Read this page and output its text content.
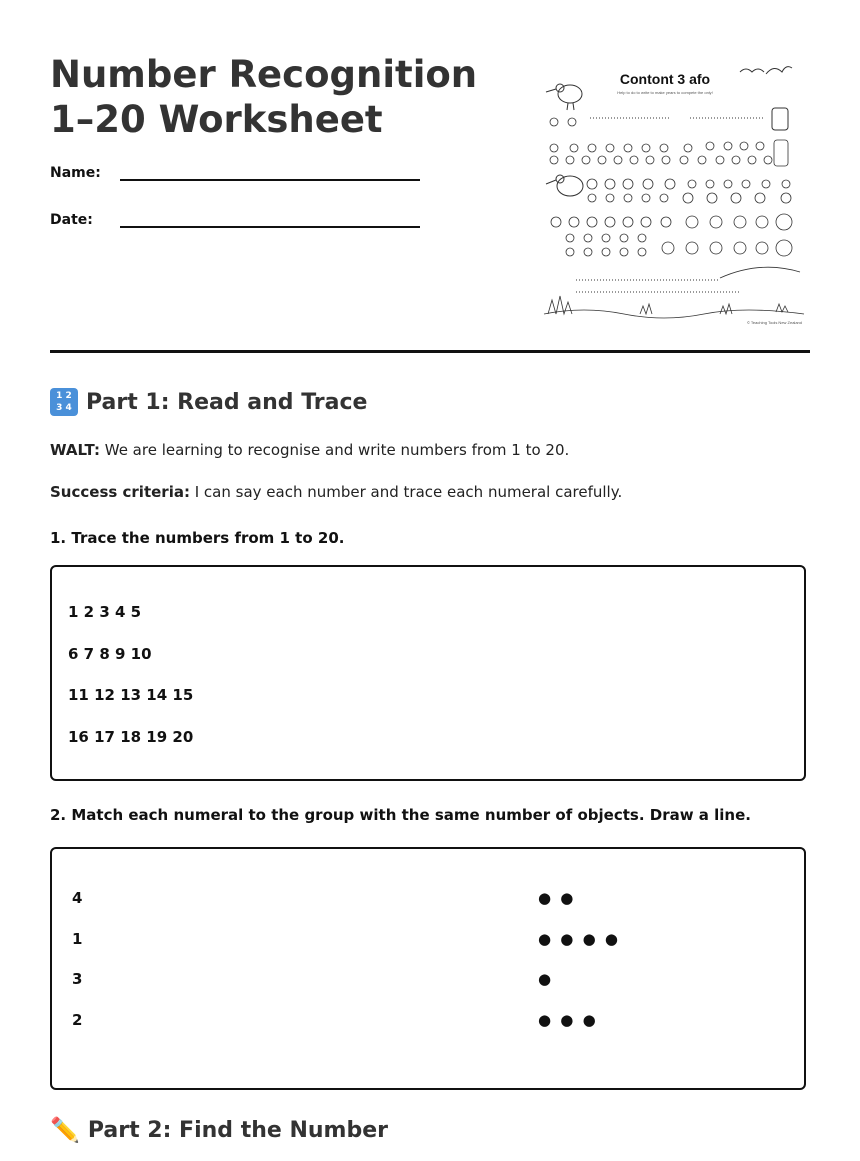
Number Recognition 1–20 Worksheet
Name:
Date:
Contont 3 afo
Help to do to write to make years to compete the only!
© Teaching Tools New Zealand
1 2
3 4 Part 1: Read and Trace

WALT: We are learning to recognise and write numbers from 1 to 20.

Success criteria: I can say each number and trace each numeral carefully.

1. Trace the numbers from 1 to 20.

1 2 3 4 5
6 7 8 9 10
11 12 13 14 15
16 17 18 19 20

2. Match each numeral to the group with the same number of objects. Draw a line.

4
1
3
2
● ●
● ● ● ●
●
● ● ●
✏️ Part 2: Find the Number
